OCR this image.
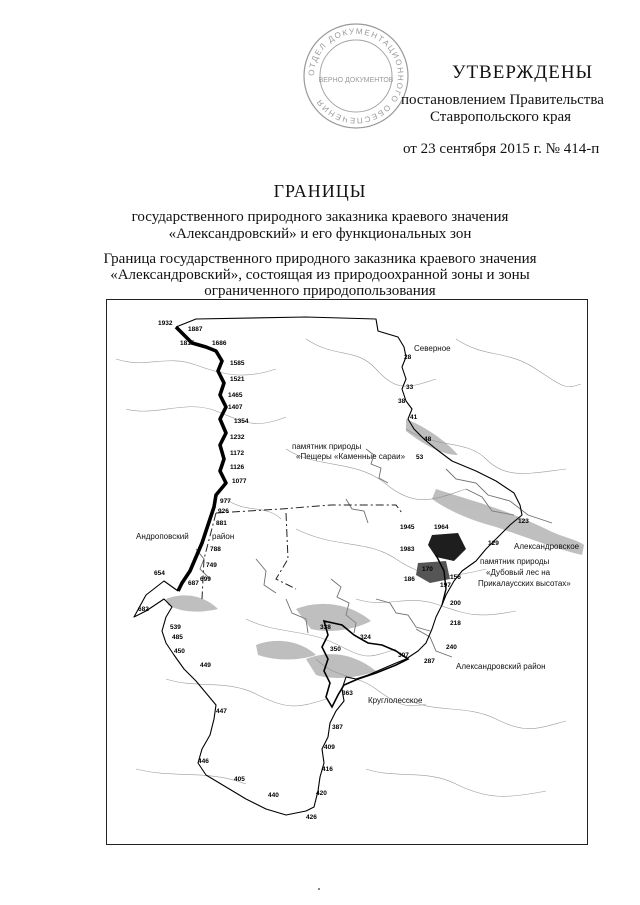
ОТДЕЛ ДОКУМЕНТАЦИОННОГО ОБЕСПЕЧЕНИЯ
ВЕРНО ДОКУМЕНТОВ	УТВЕРЖДЕНЫ
постановлением Правительства
Ставропольского края
от 23 сентября 2015 г. № 414-п
ГРАНИЦЫ
государственного природного заказника краевого значения
«Александровский» и его функциональных зон
Граница государственного природного заказника краевого значения
«Александровский», состоящая из природоохранной зоны и зоны
ограниченного природопользования
Северное
Андроповский	район
Александровское
Александровский район
Круглолесское
памятник природы
«Пещеры «Каменные сараи»
памятник природы
«Дубовый лес на
Прикалаусских высотах»
1932
1887
1815	1686
1585
1521
1465
1407
1354
1232
1172
1126
1077
977
926
881
788
749
699
687
654
682
539
485
450
449
447
446
405
440
426
420
416
409
387
363
338
350
324
307
287
240
218
200
197
186
170
156
1945	1964
1983
129
123
53
48
41
38
33
28
